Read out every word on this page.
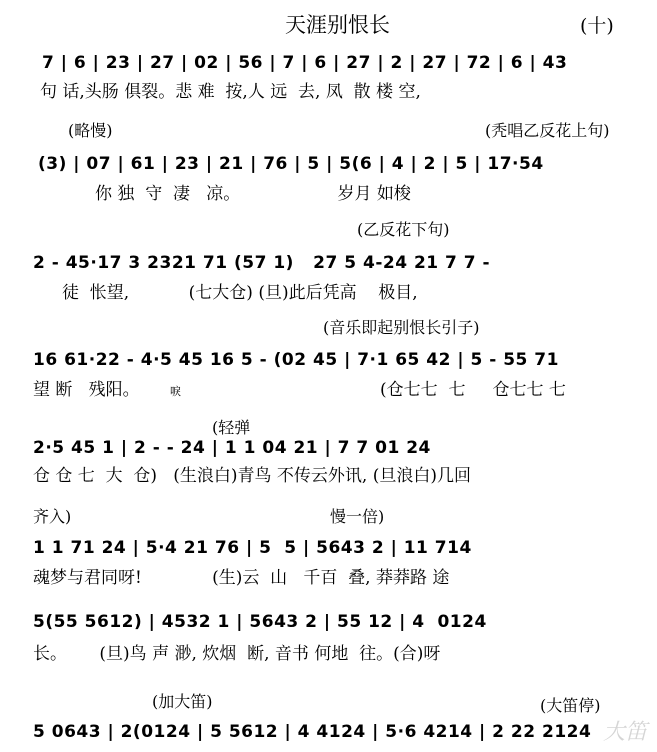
天涯别恨长	(十)
7 | 6 | 23 | 27 | 02 | 56 | 7 | 6 | 27 | 2 | 27 | 72 | 6 | 43
句 话,头肠 俱裂。悲 难  按,人 远  去, 凤  散 楼 空,
(略慢)	(秃唱乙反花上句)
(3) | 07 | 61 | 23 | 21 | 76 | 5 | 5(6 | 4 | 2 | 5 | 17·54
你 独  守  凄   凉。                  岁月 如梭
(乙反花下句)
2 - 45·17 3 2321 71 (57 1)   27 5 4-24 21 7 7 -
徒  怅望,           (七大仓) (旦)此后凭高    极目,
(音乐即起别恨长引子)
16 61·22 - 4·5 45 16 5 - (02 45 | 7·1 65 42 | 5 - 55 71
望 断   残阳。	唳	(仓七七  七     仓七七 七
(轻弹
2·5 45 1 | 2 - - 24 | 1 1 04 21 | 7 7 01 24
仓 仓 七  大  仓)   (生浪白)青鸟 不传云外讯, (旦浪白)几回
齐入)	慢一倍)
1 1 71 24 | 5·4 21 76 | 5  5 | 5643 2 | 11 714
魂梦与君同呀!             (生)云  山   千百  叠, 莽莽路 途
5(55 5612) | 4532 1 | 5643 2 | 55 12 | 4  0124
长。      (旦)鸟 声 渺, 炊烟  断, 音书 何地  往。(合)呀
(加大笛)	(大笛停)
5 0643 | 2(0124 | 5 5612 | 4 4124 | 5·6 4214 | 2 22 2124 大笛
